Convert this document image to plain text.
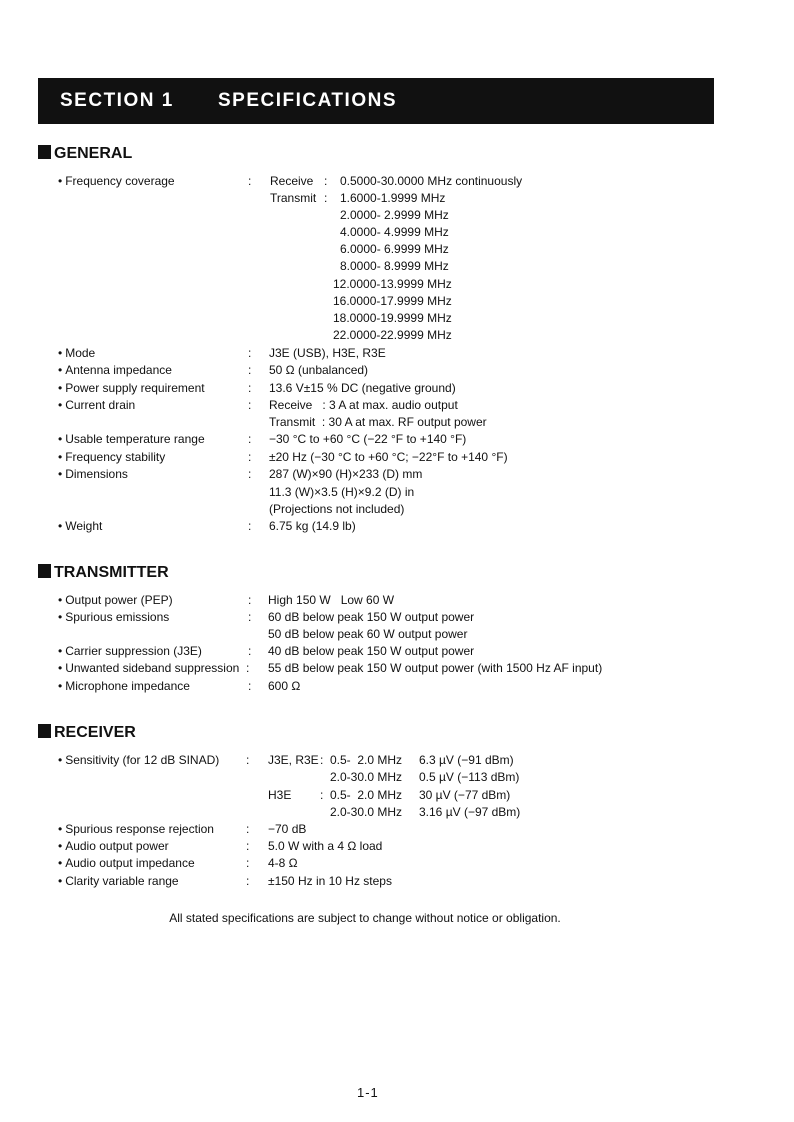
SECTION 1 SPECIFICATIONS
GENERAL
• Frequency coverage	: Receive : 0.5000-30.0000 MHz continuously
Transmit : 1.6000-1.9999 MHz
2.0000- 2.9999 MHz
4.0000- 4.9999 MHz
6.0000- 6.9999 MHz
8.0000- 8.9999 MHz
12.0000-13.9999 MHz
16.0000-17.9999 MHz
18.0000-19.9999 MHz
22.0000-22.9999 MHz
• Mode	: J3E (USB), H3E, R3E
• Antenna impedance	: 50 Ω (unbalanced)
• Power supply requirement	: 13.6 V±15 % DC (negative ground)
• Current drain	: Receive   : 3 A at max. audio output
Transmit  : 30 A at max. RF output power
• Usable temperature range	: −30 °C to +60 °C (−22 °F to +140 °F)
• Frequency stability	: ±20 Hz (−30 °C to +60 °C; −22°F to +140 °F)
• Dimensions	: 287 (W)×90 (H)×233 (D) mm
11.3 (W)×3.5 (H)×9.2 (D) in
(Projections not included)
• Weight	: 6.75 kg (14.9 lb)
TRANSMITTER
• Output power (PEP)	: High 150 W   Low 60 W
• Spurious emissions	: 60 dB below peak 150 W output power
50 dB below peak 60 W output power
• Carrier suppression (J3E)	: 40 dB below peak 150 W output power
• Unwanted sideband suppression : 55 dB below peak 150 W output power (with 1500 Hz AF input)
• Microphone impedance	: 600 Ω
RECEIVER
• Sensitivity (for 12 dB SINAD) : J3E, R3E : 0.5-  2.0 MHz 6.3 µV (−91 dBm)
2.0-30.0 MHz 0.5 µV (−113 dBm)
H3E : 0.5-  2.0 MHz 30 µV (−77 dBm)
2.0-30.0 MHz 3.16 µV (−97 dBm)
• Spurious response rejection	: −70 dB
• Audio output power	: 5.0 W with a 4 Ω load
• Audio output impedance	: 4-8 Ω
• Clarity variable range	: ±150 Hz in 10 Hz steps
All stated specifications are subject to change without notice or obligation.
1-1
